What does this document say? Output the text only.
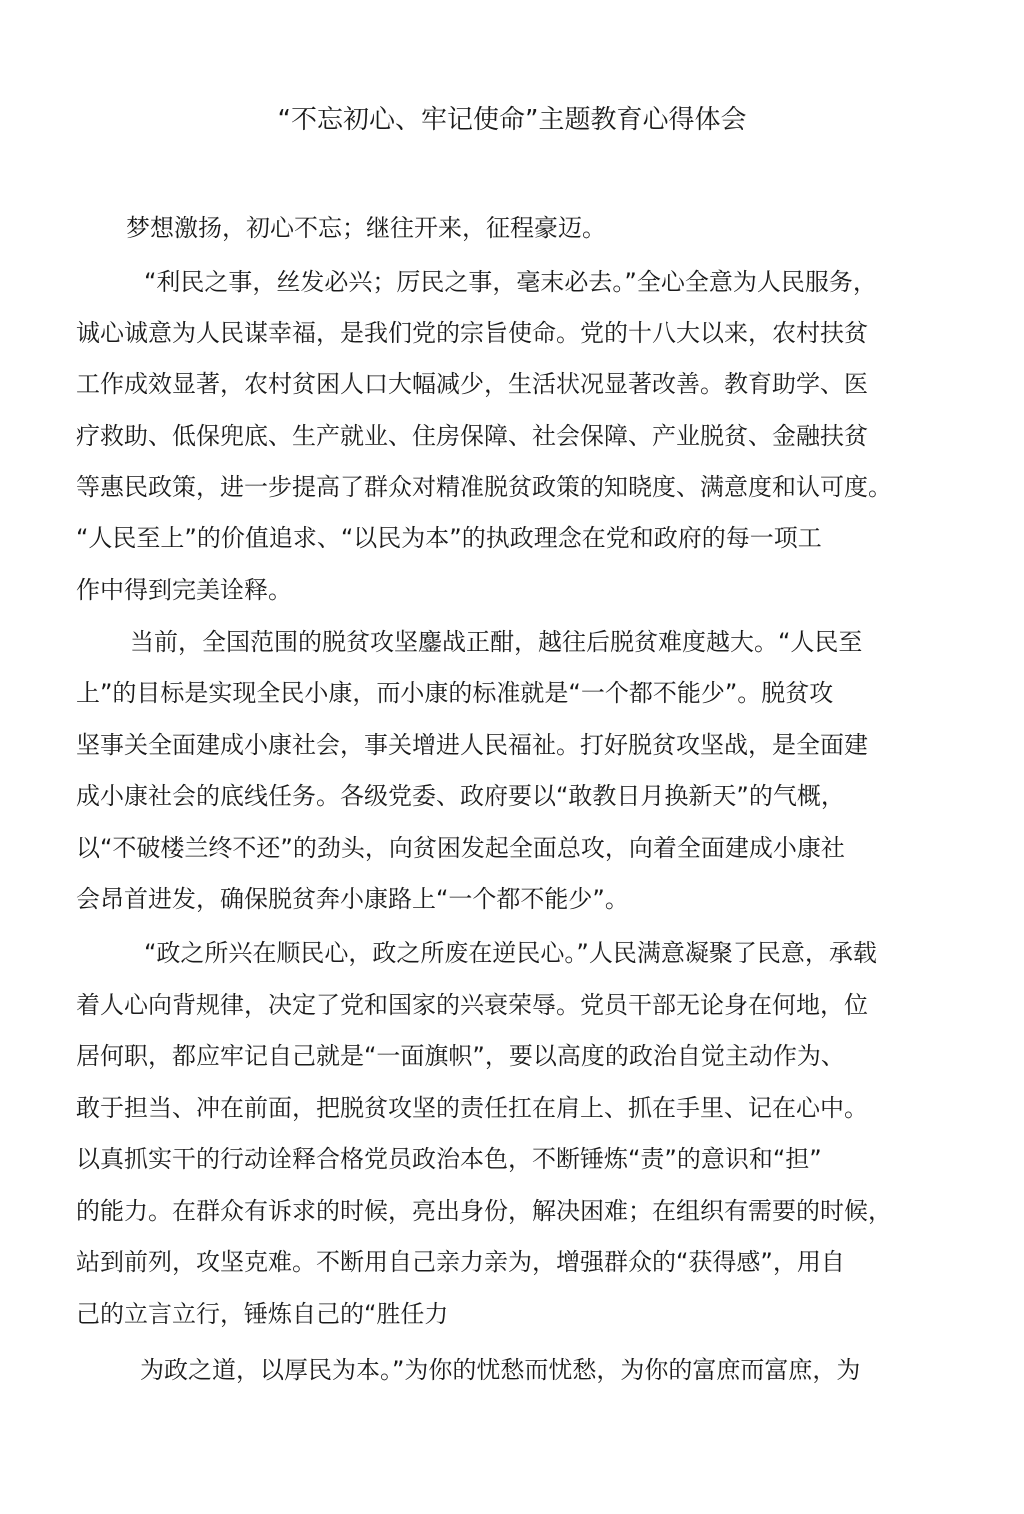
“不忘初心、牢记使命”主题教育心得体会
梦想激扬，初心不忘；继往开来，征程豪迈。
“利民之事，丝发必兴；厉民之事，毫末必去。”全心全意为人民服务，
诚心诚意为人民谋幸福，是我们党的宗旨使命。党的十八大以来，农村扶贫
工作成效显著，农村贫困人口大幅减少，生活状况显著改善。教育助学、医
疗救助、低保兜底、生产就业、住房保障、社会保障、产业脱贫、金融扶贫
等惠民政策，进一步提高了群众对精准脱贫政策的知晓度、满意度和认可度。
“人民至上”的价值追求、“以民为本”的执政理念在党和政府的每一项工
作中得到完美诠释。
当前，全国范围的脱贫攻坚鏖战正酣，越往后脱贫难度越大。“人民至
上”的目标是实现全民小康，而小康的标准就是“一个都不能少”。脱贫攻
坚事关全面建成小康社会，事关增进人民福祉。打好脱贫攻坚战，是全面建
成小康社会的底线任务。各级党委、政府要以“敢教日月换新天”的气概，
以“不破楼兰终不还”的劲头，向贫困发起全面总攻，向着全面建成小康社
会昂首进发，确保脱贫奔小康路上“一个都不能少”。
“政之所兴在顺民心，政之所废在逆民心。”人民满意凝聚了民意，承载
着人心向背规律，决定了党和国家的兴衰荣辱。党员干部无论身在何地，位
居何职，都应牢记自己就是“一面旗帜”，要以高度的政治自觉主动作为、
敢于担当、冲在前面，把脱贫攻坚的责任扛在肩上、抓在手里、记在心中。
以真抓实干的行动诠释合格党员政治本色，不断锤炼“责”的意识和“担”
的能力。在群众有诉求的时候，亮出身份，解决困难；在组织有需要的时候，
站到前列，攻坚克难。不断用自己亲力亲为，增强群众的“获得感”，用自
己的立言立行，锤炼自己的“胜任力
为政之道，以厚民为本。”为你的忧愁而忧愁，为你的富庶而富庶，为
